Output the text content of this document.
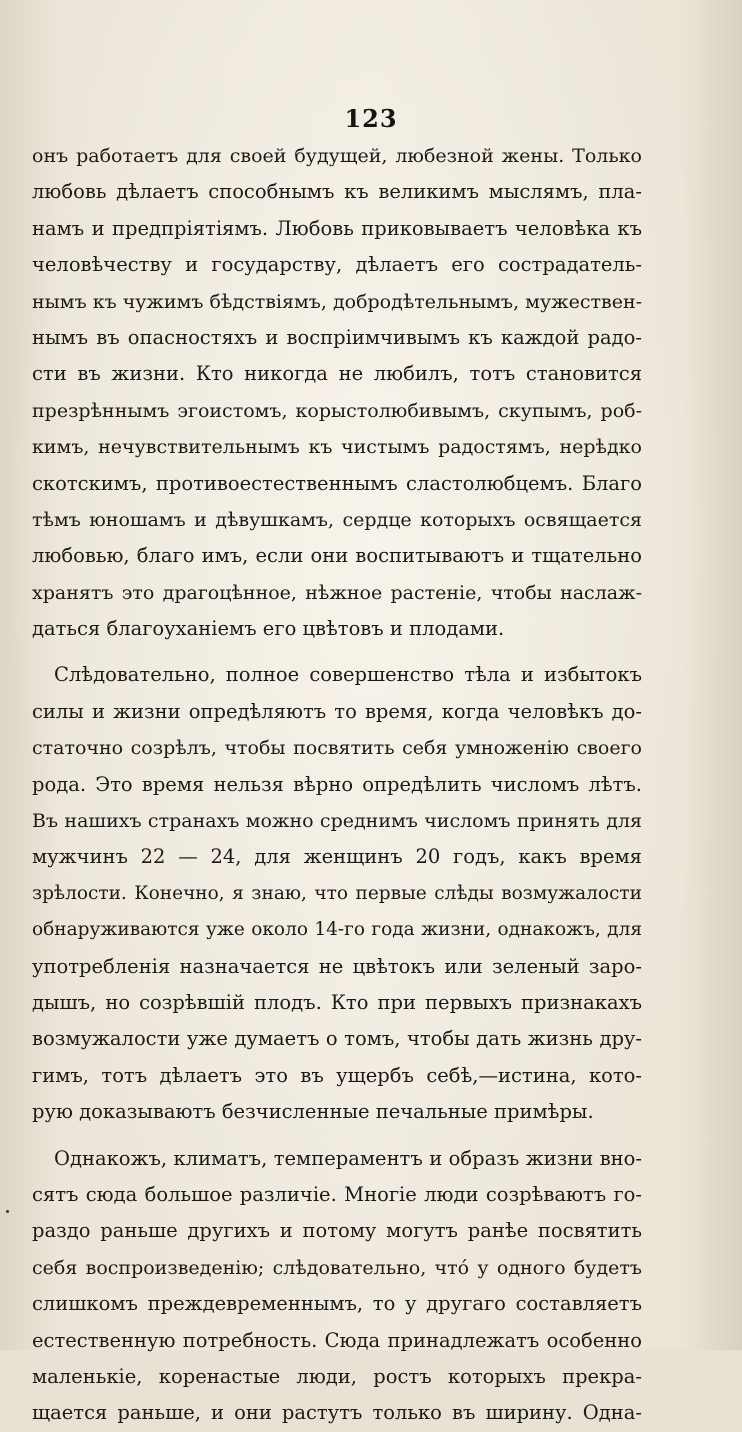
123
онъ работаетъ для своей будущей, любезной жены. Только
любовь дѣлаетъ способнымъ къ великимъ мыслямъ, пла-
намъ и предпріятіямъ. Любовь приковываетъ человѣка къ
человѣчеству и государству, дѣлаетъ его сострадатель-
нымъ къ чужимъ бѣдствіямъ, добродѣтельнымъ, мужествен-
нымъ въ опасностяхъ и воспріимчивымъ къ каждой радо-
сти въ жизни. Кто никогда не любилъ, тотъ становится
презрѣннымъ эгоистомъ, корыстолюбивымъ, скупымъ, роб-
кимъ, нечувствительнымъ къ чистымъ радостямъ, нерѣдко
скотскимъ, противоестественнымъ сластолюбцемъ. Благо
тѣмъ юношамъ и дѣвушкамъ, сердце которыхъ освящается
любовью, благо имъ, если они воспитываютъ и тщательно
хранятъ это драгоцѣнное, нѣжное растеніе, чтобы наслаж-
даться благоуханіемъ его цвѣтовъ и плодами.
Слѣдовательно, полное совершенство тѣла и избытокъ
силы и жизни опредѣляютъ то время, когда человѣкъ до-
статочно созрѣлъ, чтобы посвятить себя умноженію своего
рода. Это время нельзя вѣрно опредѣлить числомъ лѣтъ.
Въ нашихъ странахъ можно среднимъ числомъ принять для
мужчинъ 22 — 24, для женщинъ 20 годъ, какъ время
зрѣлости. Конечно, я знаю, что первые слѣды возмужалости
обнаруживаются уже около 14-го года жизни, однакожъ, для
употребленія назначается не цвѣтокъ или зеленый заро-
дышъ, но созрѣвшій плодъ. Кто при первыхъ признакахъ
возмужалости уже думаетъ о томъ, чтобы дать жизнь дру-
гимъ, тотъ дѣлаетъ это въ ущербъ себѣ,—истина, кото-
рую доказываютъ безчисленные печальные примѣры.
Однакожъ, климатъ, темпераментъ и образъ жизни вно-
сятъ сюда большое различіе. Многіе люди созрѣваютъ го-
раздо раньше другихъ и потому могутъ ранѣе посвятить
себя воспроизведенію; слѣдовательно, что́ у одного будетъ
слишкомъ преждевременнымъ, то у другаго составляетъ
естественную потребность. Сюда принадлежатъ особенно
маленькіе, коренастые люди, ростъ которыхъ прекра-
щается раньше, и они растутъ только въ ширину. Одна-
